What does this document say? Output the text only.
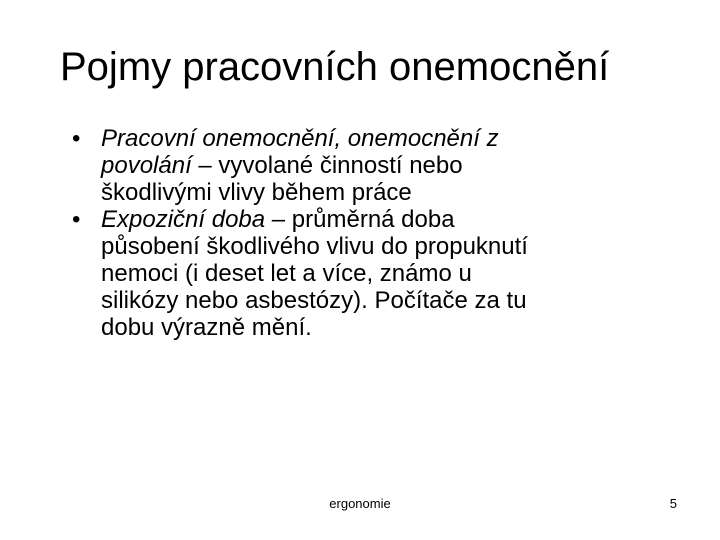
Pojmy pracovních onemocnění
• Pracovní onemocnění, onemocnění z
povolání – vyvolané činností nebo
škodlivými vlivy během práce
• Expoziční doba – průměrná doba
působení škodlivého vlivu do propuknutí
nemoci (i deset let a více, známo u
silikózy nebo asbestózy). Počítače za tu
dobu výrazně mění.
ergonomie	5
